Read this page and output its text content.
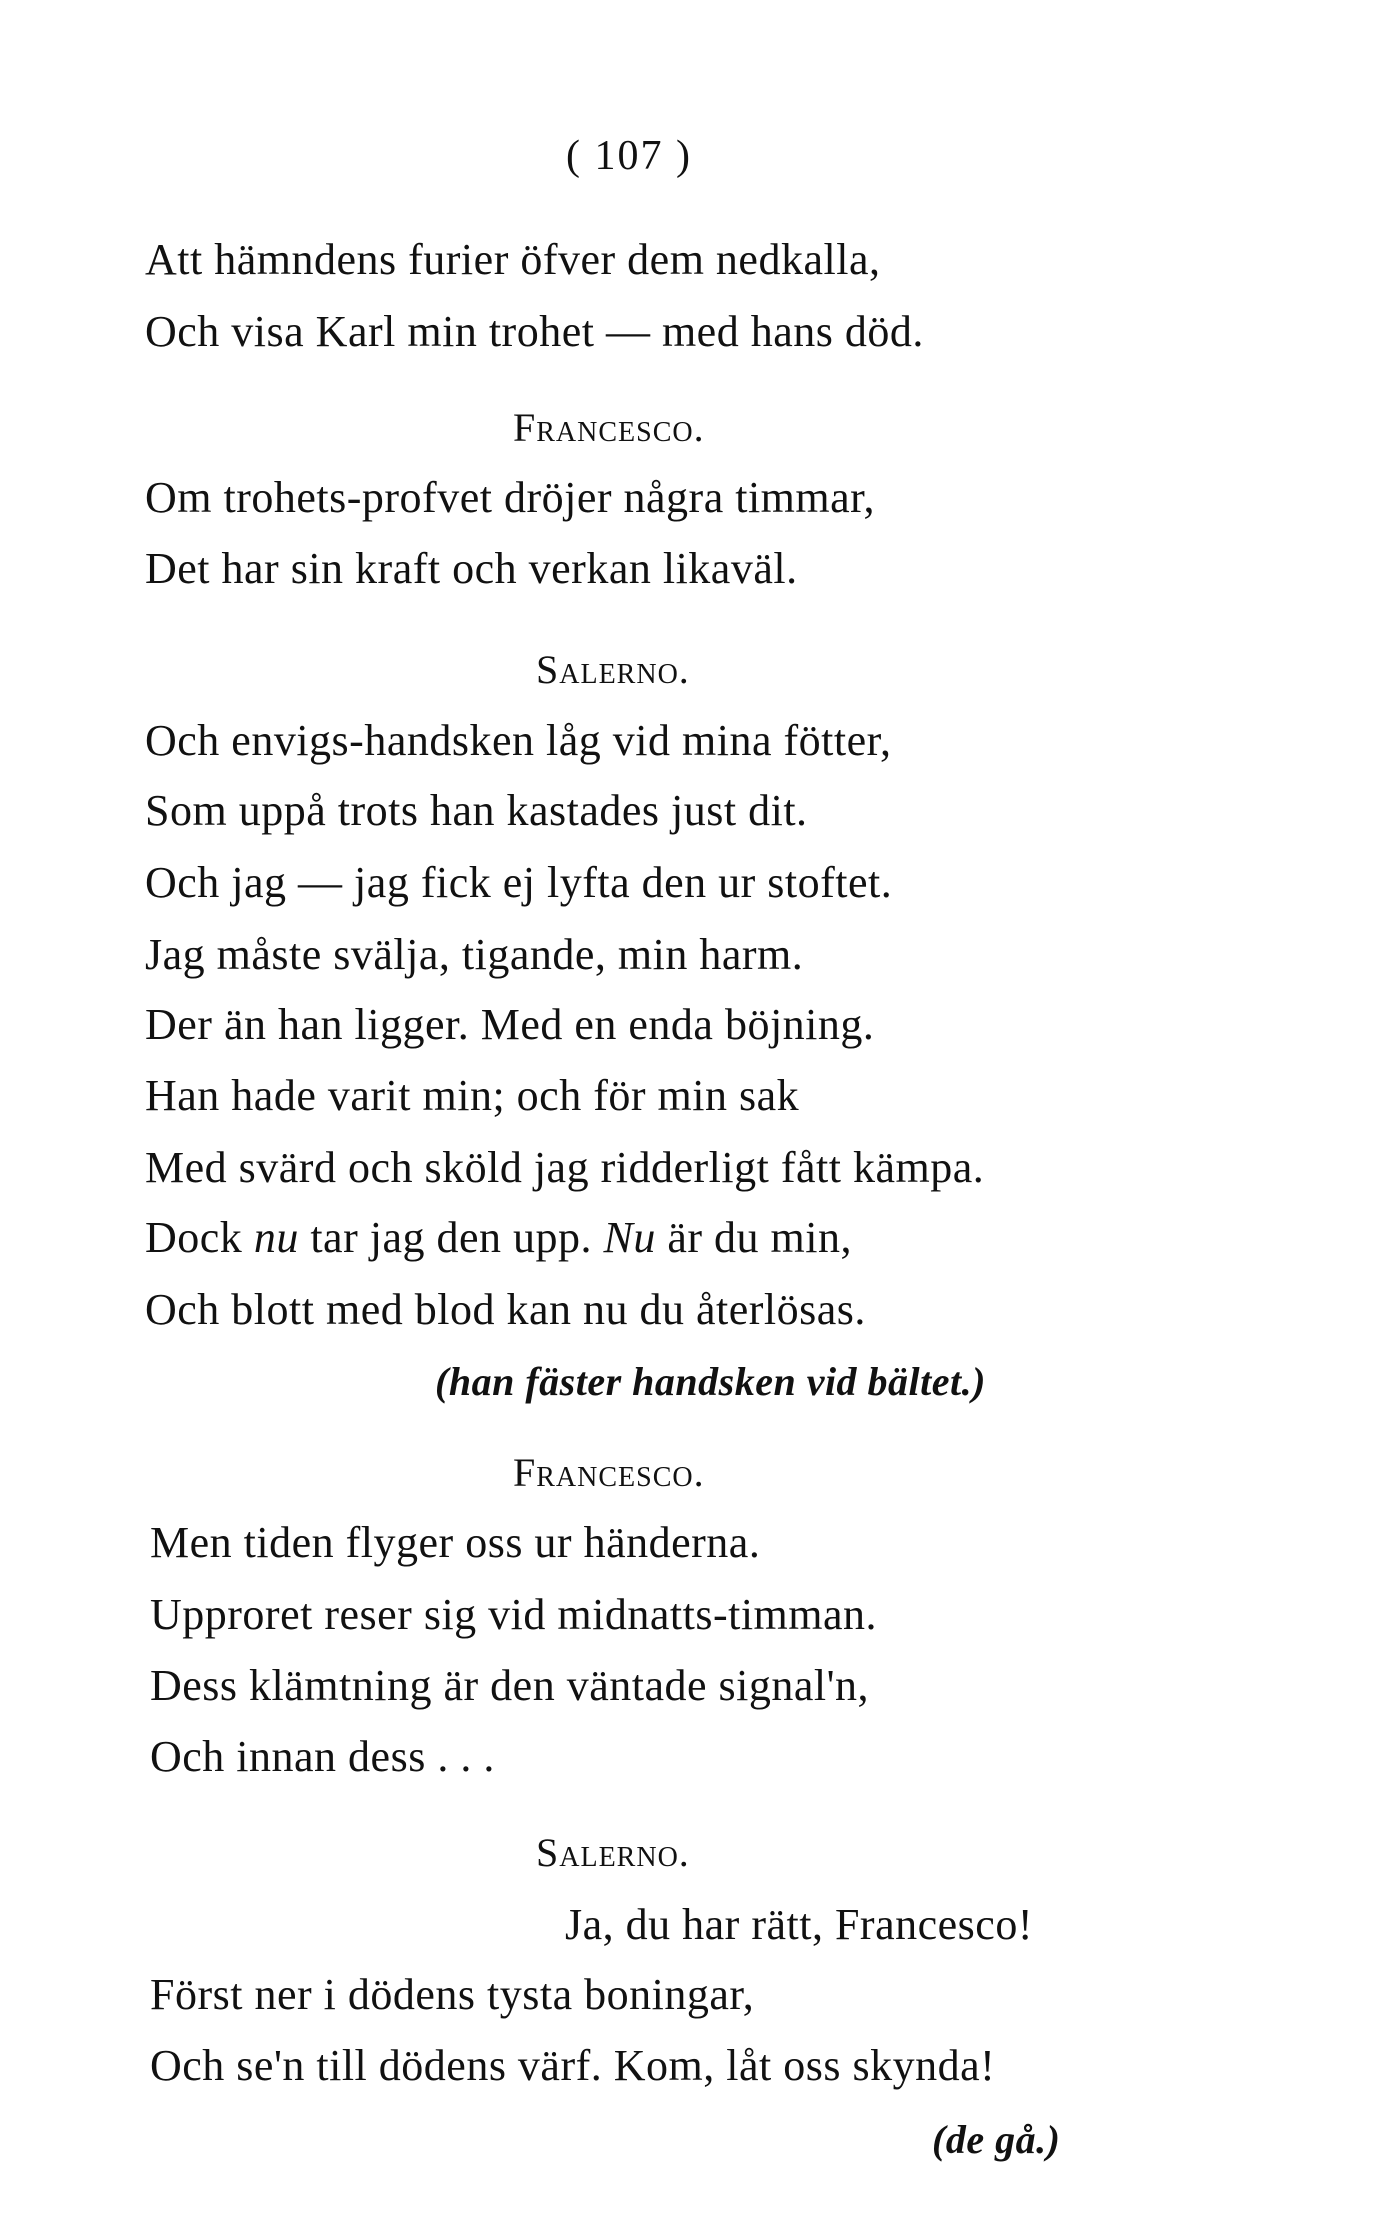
( 107 )
Att hämndens furier öfver dem nedkalla,
Och visa Karl min trohet — med hans död.
Francesco.
Om trohets-profvet dröjer några timmar,
Det har sin kraft och verkan likaväl.
Salerno.
Och envigs-handsken låg vid mina fötter,
Som uppå trots han kastades just dit.
Och jag — jag fick ej lyfta den ur stoftet.
Jag måste svälja, tigande, min harm.
Der än han ligger. Med en enda böjning.
Han hade varit min; och för min sak
Med svärd och sköld jag ridderligt fått kämpa.
Dock nu tar jag den upp. Nu är du min,
Och blott med blod kan nu du återlösas.
(han fäster handsken vid bältet.)
Francesco.
Men tiden flyger oss ur händerna.
Upproret reser sig vid midnatts-timman.
Dess klämtning är den väntade signal'n,
Och innan dess . . .
Salerno.
Ja, du har rätt, Francesco!
Först ner i dödens tysta boningar,
Och se'n till dödens värf. Kom, låt oss skynda!
(de gå.)
